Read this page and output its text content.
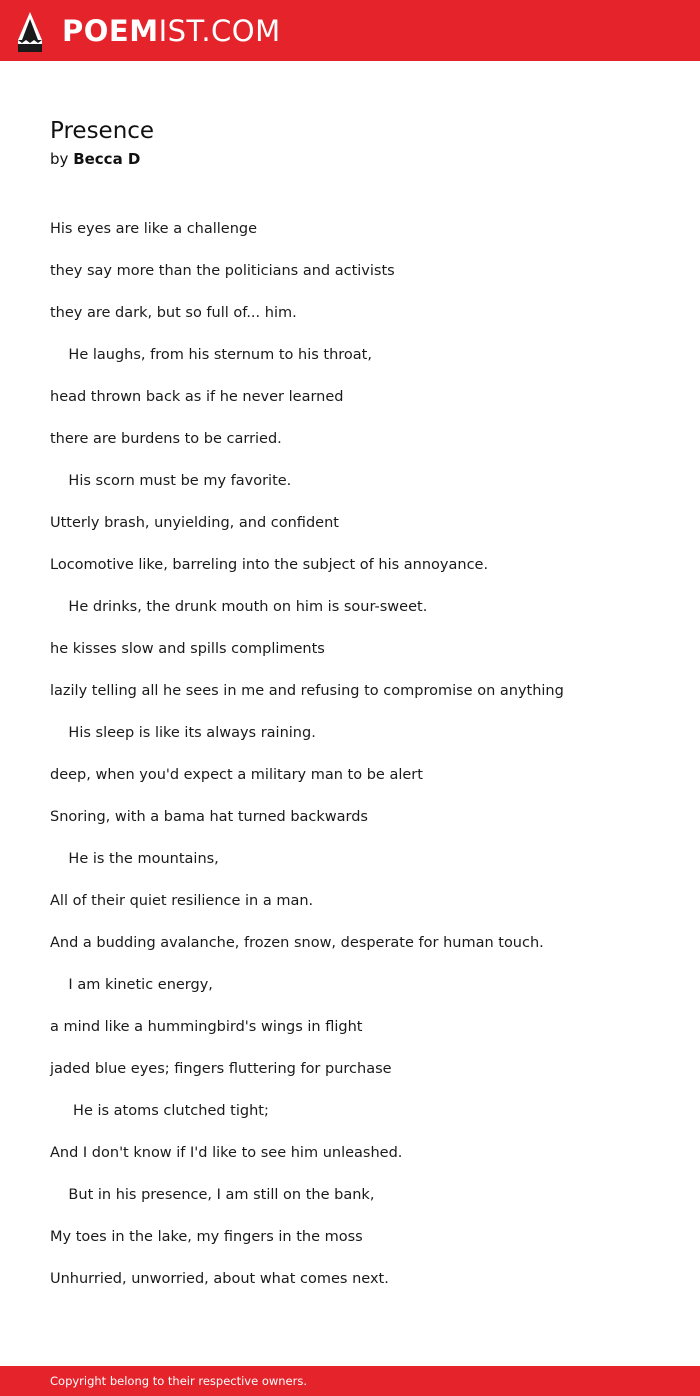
POEMIST.COM
Presence
by Becca D
His eyes are like a challenge
they say more than the politicians and activists
they are dark, but so full of... him.
He laughs, from his sternum to his throat,
head thrown back as if he never learned
there are burdens to be carried.
His scorn must be my favorite.
Utterly brash, unyielding, and confident
Locomotive like, barreling into the subject of his annoyance.
He drinks, the drunk mouth on him is sour-sweet.
he kisses slow and spills compliments
lazily telling all he sees in me and refusing to compromise on anything
His sleep is like its always raining.
deep, when you'd expect a military man to be alert
Snoring, with a bama hat turned backwards
He is the mountains,
All of their quiet resilience in a man.
And a budding avalanche, frozen snow, desperate for human touch.
I am kinetic energy,
a mind like a hummingbird's wings in flight
jaded blue eyes; fingers fluttering for purchase
He is atoms clutched tight;
And I don't know if I'd like to see him unleashed.
But in his presence, I am still on the bank,
My toes in the lake, my fingers in the moss
Unhurried, unworried, about what comes next.
Copyright belong to their respective owners.
